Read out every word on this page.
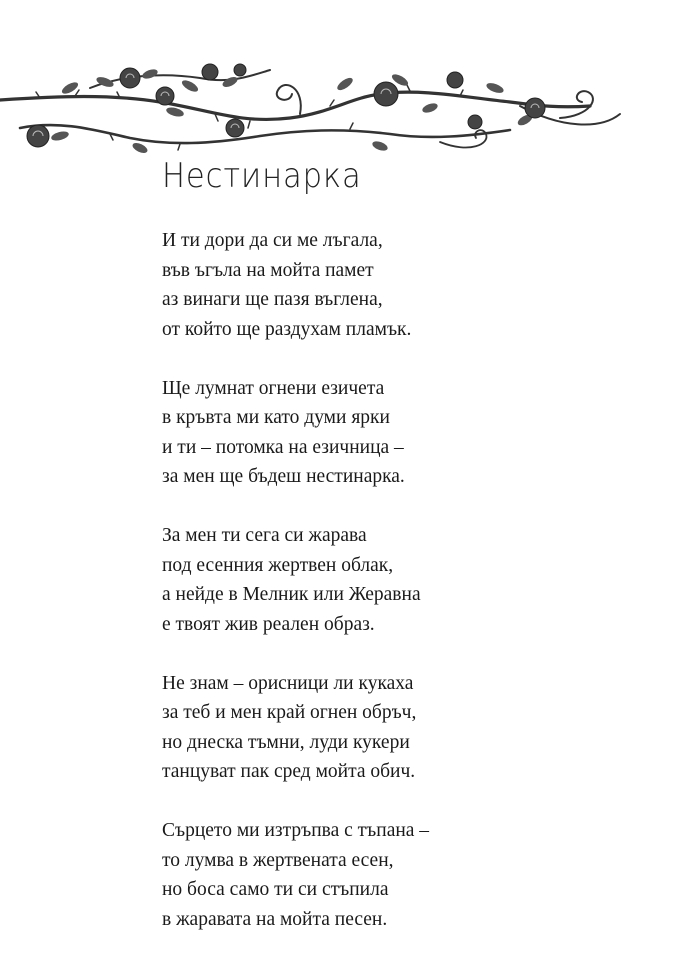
Нестинарка
И ти дори да си ме лъгала,
във ъгъла на мойта памет
аз винаги ще пазя въглена,
от който ще раздухам пламък.
Ще лумнат огнени езичета
в кръвта ми като думи ярки
и ти – потомка на езичница –
за мен ще бъдеш нестинарка.
За мен ти сега си жарава
под есенния жертвен облак,
а нейде в Мелник или Жеравна
е твоят жив реален образ.
Не знам – орисници ли кукаха
за теб и мен край огнен обръч,
но днеска тъмни, луди кукери
танцуват пак сред мойта обич.
Сърцето ми изтръпва с тъпана –
то лумва в жертвената есен,
но боса само ти си стъпила
в жаравата на мойта песен.
